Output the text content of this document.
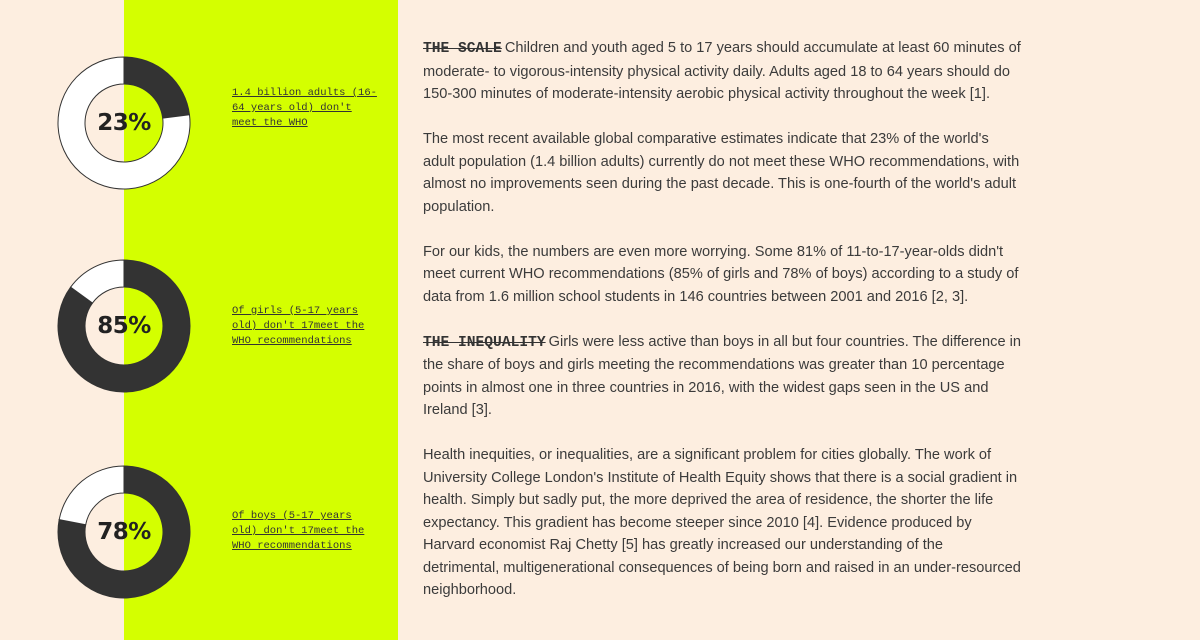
23%
1.4 billion adults (16-64 years old) don't meet the WHO
85%
Of girls (5-17 years old) don't 17meet the WHO recommendations
78%
Of boys (5-17 years old) don't 17meet the WHO recommendations

THE SCALE Children and youth aged 5 to 17 years should accumulate at least 60 minutes of moderate- to vigorous-intensity physical activity daily. Adults aged 18 to 64 years should do 150-300 minutes of moderate-intensity aerobic physical activity throughout the week [1].

The most recent available global comparative estimates indicate that 23% of the world's adult population (1.4 billion adults) currently do not meet these WHO recommendations, with almost no improvements seen during the past decade. This is one-fourth of the world's adult population.

For our kids, the numbers are even more worrying. Some 81% of 11-to-17-year-olds didn't meet current WHO recommendations (85% of girls and 78% of boys) according to a study of data from 1.6 million school students in 146 countries between 2001 and 2016 [2, 3].

THE INEQUALITY Girls were less active than boys in all but four countries. The difference in the share of boys and girls meeting the recommendations was greater than 10 percentage points in almost one in three countries in 2016, with the widest gaps seen in the US and Ireland [3].

Health inequities, or inequalities, are a significant problem for cities globally. The work of University College London's Institute of Health Equity shows that there is a social gradient in health. Simply but sadly put, the more deprived the area of residence, the shorter the life expectancy. This gradient has become steeper since 2010 [4]. Evidence produced by Harvard economist Raj Chetty [5] has greatly increased our understanding of the detrimental, multigenerational consequences of being born and raised in an under-resourced neighborhood.
